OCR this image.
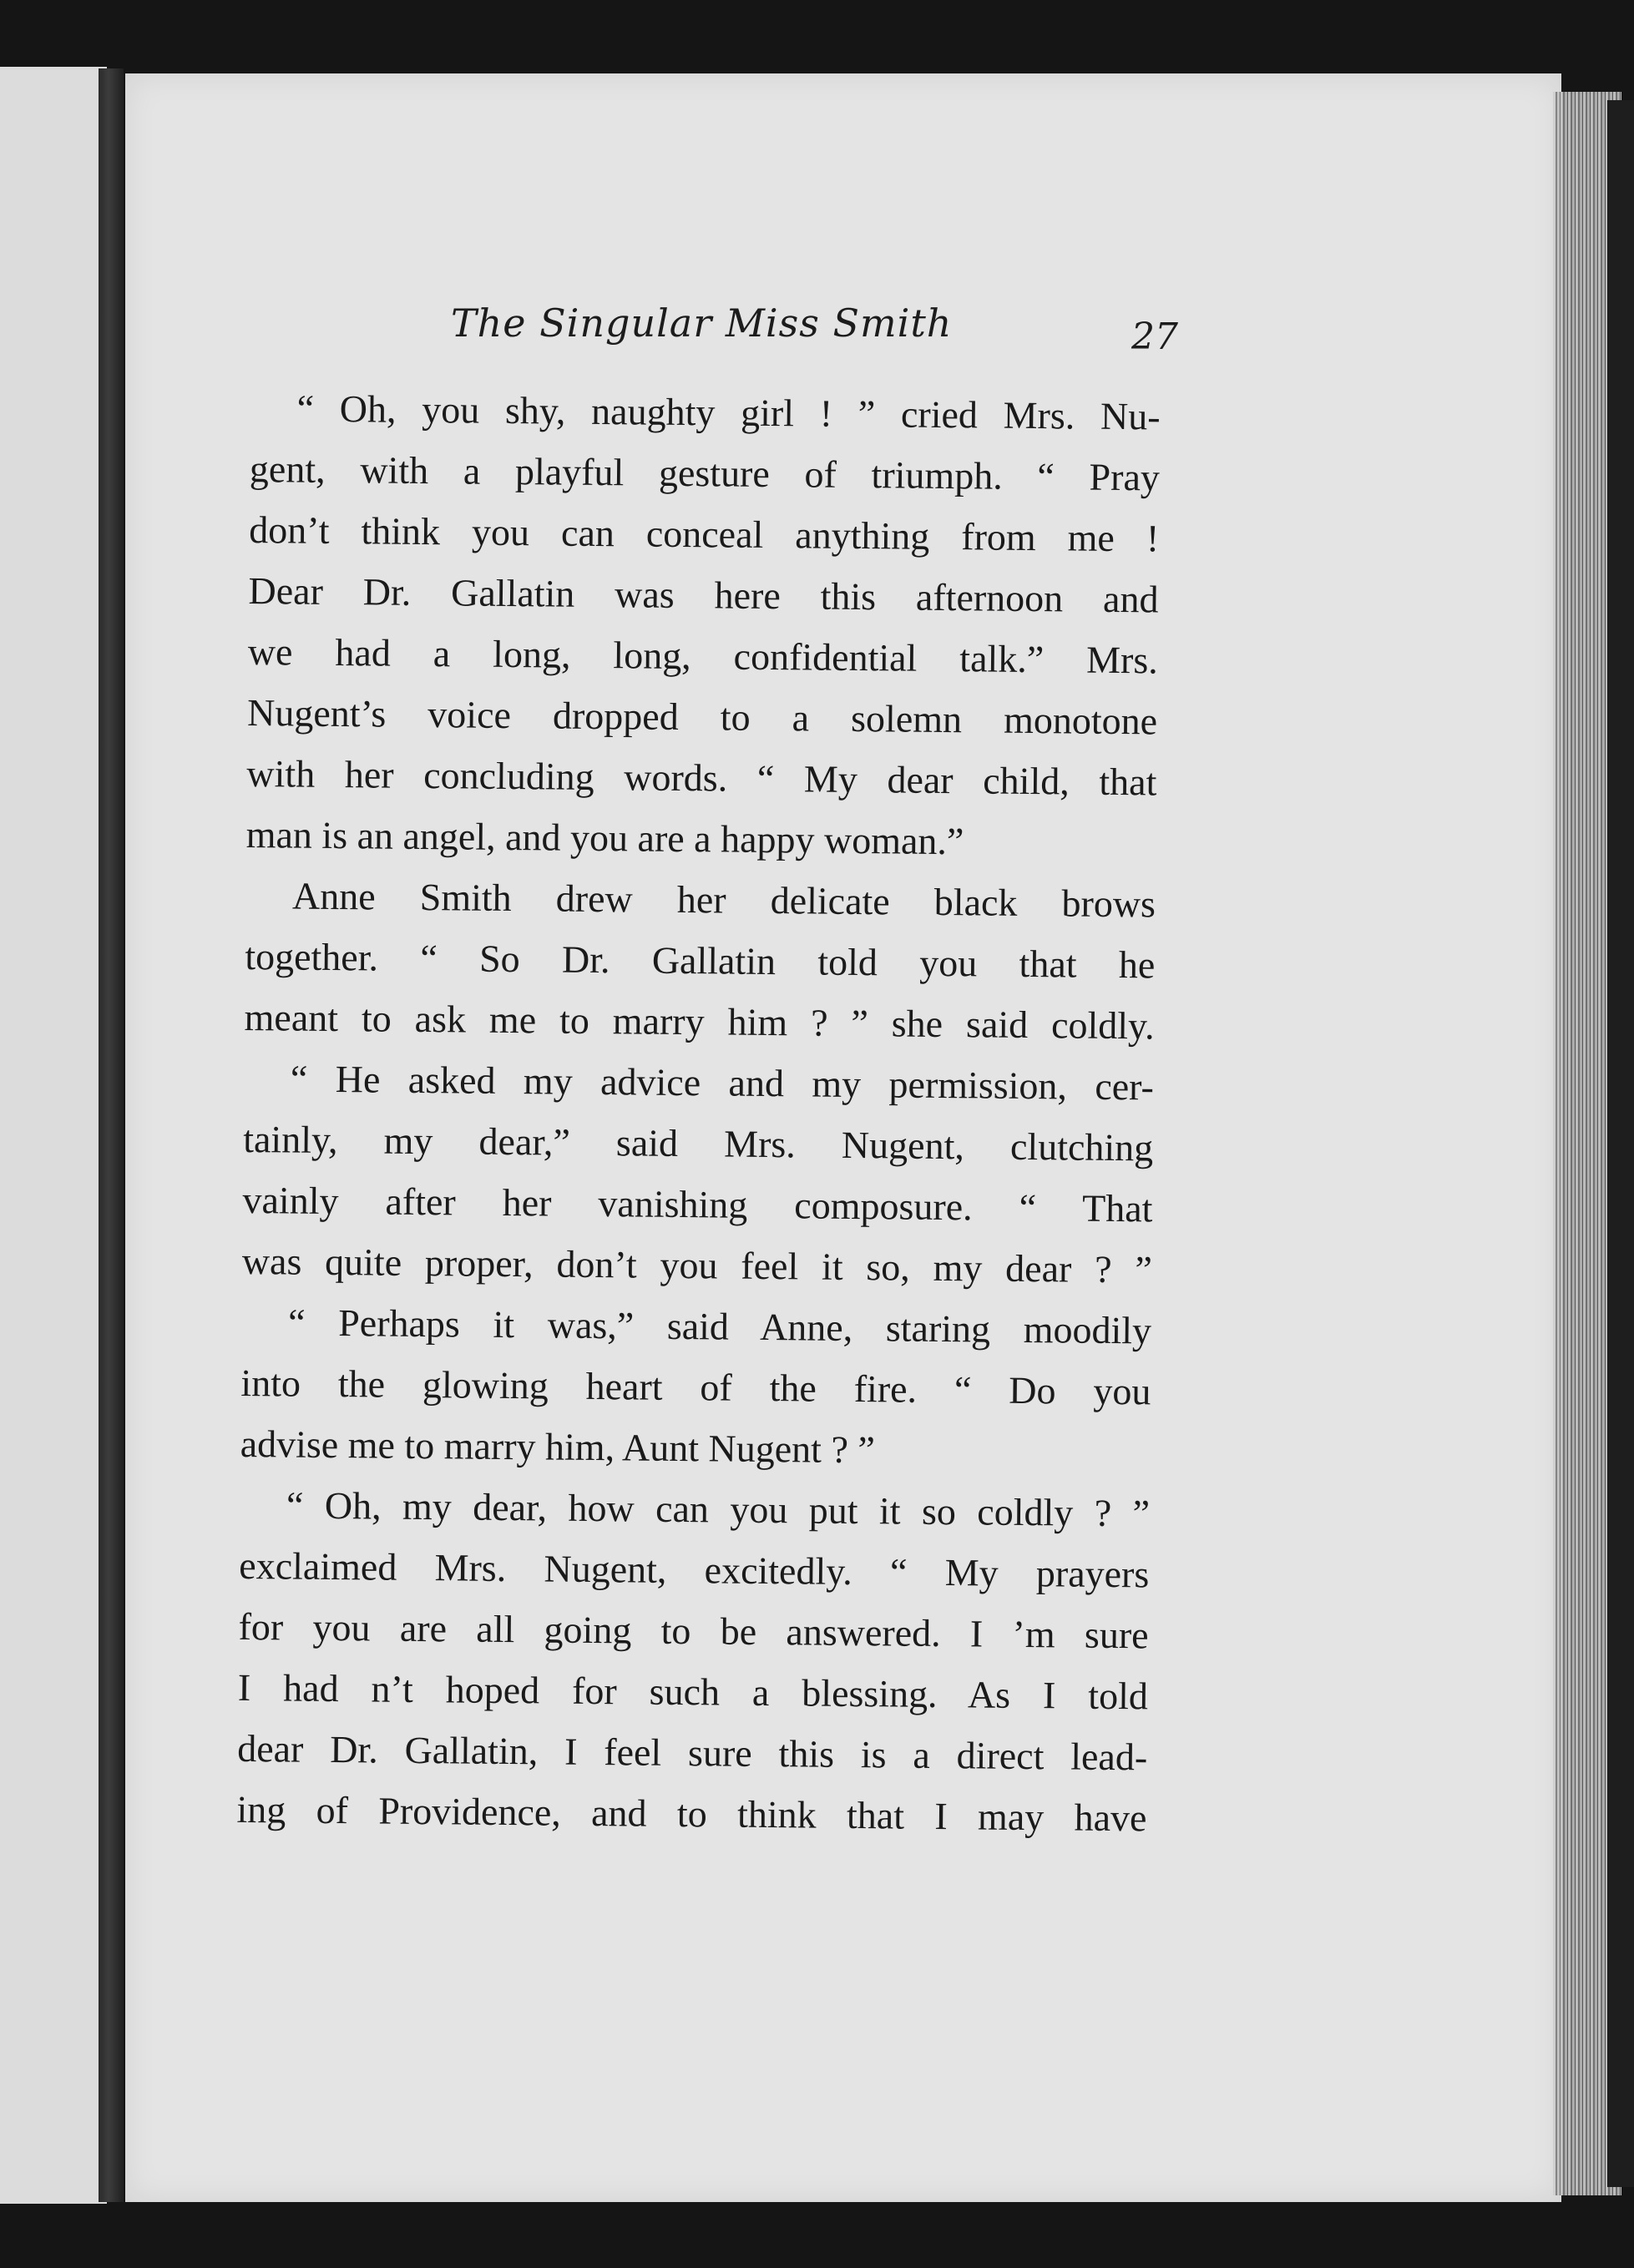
The Singular Miss Smith	27
“ Oh, you shy, naughty girl ! ” cried Mrs. Nu-
gent, with a playful gesture of triumph. “ Pray
don’t think you can conceal anything from me !
Dear Dr. Gallatin was here this afternoon and
we had a long, long, confidential talk.” Mrs.
Nugent’s voice dropped to a solemn monotone
with her concluding words. “ My dear child, that
man is an angel, and you are a happy woman.”
Anne Smith drew her delicate black brows
together. “ So Dr. Gallatin told you that he
meant to ask me to marry him ? ” she said coldly.
“ He asked my advice and my permission, cer-
tainly, my dear,” said Mrs. Nugent, clutching
vainly after her vanishing composure. “ That
was quite proper, don’t you feel it so, my dear ? ”
“ Perhaps it was,” said Anne, staring moodily
into the glowing heart of the fire. “ Do you
advise me to marry him, Aunt Nugent ? ”
“ Oh, my dear, how can you put it so coldly ? ”
exclaimed Mrs. Nugent, excitedly. “ My prayers
for you are all going to be answered. I ’m sure
I had n’t hoped for such a blessing. As I told
dear Dr. Gallatin, I feel sure this is a direct lead-
ing of Providence, and to think that I may have
